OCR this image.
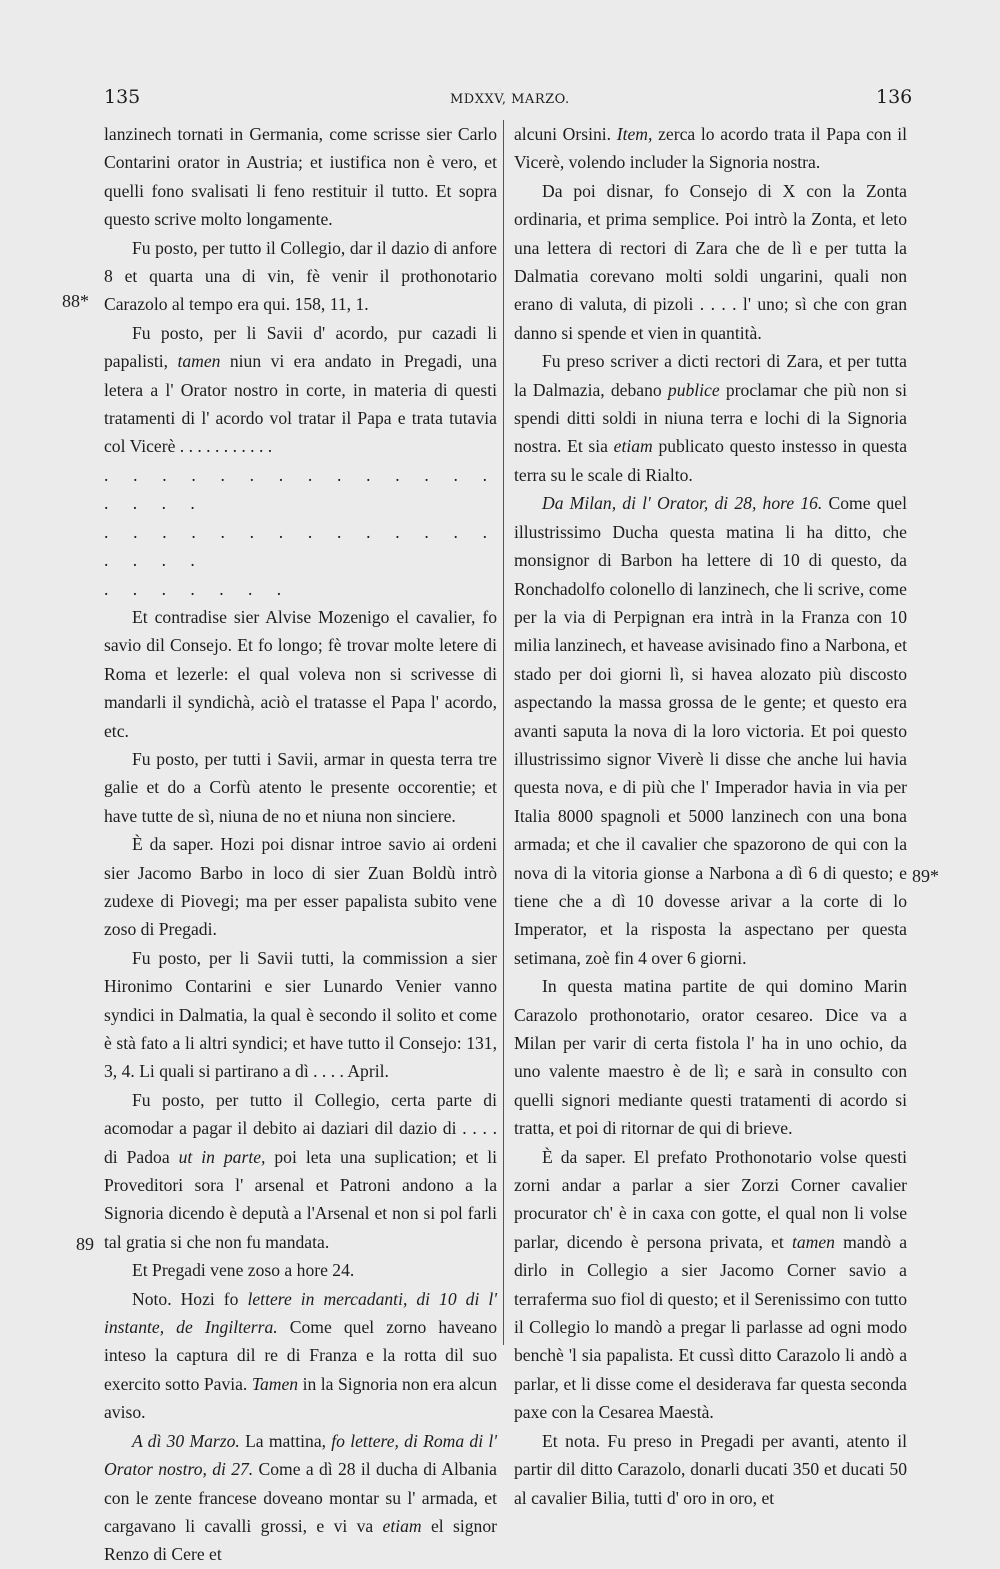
135	MDXXV, MARZO.	136

lanzinech tornati in Germania, come scrisse sier Carlo Contarini orator in Austria; et iustifica non è vero, et quelli fono svalisati li feno restituir il tutto. Et sopra questo scrive molto longamente.

Fu posto, per tutto il Collegio, dar il dazio di anfore 8 et quarta una di vin, fè venir il prothonotario Carazolo al tempo era qui. 158, 11, 1.

Fu posto, per li Savii d' acordo, pur cazadi li papalisti, tamen niun vi era andato in Pregadi, una letera a l' Orator nostro in corte, in materia di questi tratamenti di l' acordo vol tratar il Papa e trata tutavia col Vicerè . . . . . . . . . . .

. . . . . . . . . . . . . . . . . .

. . . . . . . . . . . . . . . . . .

. . . . . . .

Et contradise sier Alvise Mozenigo el cavalier, fo savio dil Consejo. Et fo longo; fè trovar molte letere di Roma et lezerle: el qual voleva non si scrivesse di mandarli il syndichà, aciò el tratasse el Papa l' acordo, etc.

Fu posto, per tutti i Savii, armar in questa terra tre galie et do a Corfù atento le presente occorentie; et have tutte de sì, niuna de no et niuna non sinciere.

È da saper. Hozi poi disnar introe savio ai ordeni sier Jacomo Barbo in loco di sier Zuan Boldù intrò zudexe di Piovegi; ma per esser papalista subito vene zoso di Pregadi.

Fu posto, per li Savii tutti, la commission a sier Hironimo Contarini e sier Lunardo Venier vanno syndici in Dalmatia, la qual è secondo il solito et come è stà fato a li altri syndici; et have tutto il Consejo: 131, 3, 4. Li quali si partirano a dì . . . . April.

Fu posto, per tutto il Collegio, certa parte di acomodar a pagar il debito ai daziari dil dazio di . . . . di Padoa ut in parte, poi leta una suplication; et li Proveditori sora l' arsenal et Patroni andono a la Signoria dicendo è deputà a l'Arsenal et non si pol farli tal gratia si che non fu mandata.

Et Pregadi vene zoso a hore 24.

Noto. Hozi fo lettere in mercadanti, di 10 di l' instante, de Ingilterra. Come quel zorno haveano inteso la captura dil re di Franza e la rotta dil suo exercito sotto Pavia. Tamen in la Signoria non era alcun aviso.

A dì 30 Marzo. La mattina, fo lettere, di Roma di l' Orator nostro, di 27. Come a dì 28 il ducha di Albania con le zente francese doveano montar su l' armada, et cargavano li cavalli grossi, e vi va etiam el signor Renzo di Cere et

alcuni Orsini. Item, zerca lo acordo trata il Papa con il Vicerè, volendo includer la Signoria nostra.

Da poi disnar, fo Consejo di X con la Zonta ordinaria, et prima semplice. Poi intrò la Zonta, et leto una lettera di rectori di Zara che de lì e per tutta la Dalmatia corevano molti soldi ungarini, quali non erano di valuta, di pizoli . . . . l' uno; sì che con gran danno si spende et vien in quantità.

Fu preso scriver a dicti rectori di Zara, et per tutta la Dalmazia, debano publice proclamar che più non si spendi ditti soldi in niuna terra e lochi di la Signoria nostra. Et sia etiam publicato questo instesso in questa terra su le scale di Rialto.

Da Milan, di l' Orator, di 28, hore 16. Come quel illustrissimo Ducha questa matina li ha ditto, che monsignor di Barbon ha lettere di 10 di questo, da Ronchadolfo colonello di lanzinech, che li scrive, come per la via di Perpignan era intrà in la Franza con 10 milia lanzinech, et havease avisinado fino a Narbona, et stado per doi giorni lì, si havea alozato più discosto aspectando la massa grossa de le gente; et questo era avanti saputa la nova di la loro victoria. Et poi questo illustrissimo signor Viverè li disse che anche lui havia questa nova, e di più che l' Imperador havia in via per Italia 8000 spagnoli et 5000 lanzinech con una bona armada; et che il cavalier che spazorono de qui con la nova di la vitoria gionse a Narbona a dì 6 di questo; e tiene che a dì 10 dovesse arivar a la corte di lo Imperator, et la risposta la aspectano per questa setimana, zoè fin 4 over 6 giorni.

In questa matina partite de qui domino Marin Carazolo prothonotario, orator cesareo. Dice va a Milan per varir di certa fistola l' ha in uno ochio, da uno valente maestro è de lì; e sarà in consulto con quelli signori mediante questi tratamenti di acordo si tratta, et poi di ritornar de qui di brieve.

È da saper. El prefato Prothonotario volse questi zorni andar a parlar a sier Zorzi Corner cavalier procurator ch' è in caxa con gotte, el qual non li volse parlar, dicendo è persona privata, et tamen mandò a dirlo in Collegio a sier Jacomo Corner savio a terraferma suo fiol di questo; et il Serenissimo con tutto il Collegio lo mandò a pregar li parlasse ad ogni modo benchè 'l sia papalista. Et cussì ditto Carazolo li andò a parlar, et li disse come el desiderava far questa seconda paxe con la Cesarea Maestà.

Et nota. Fu preso in Pregadi per avanti, atento il partir dil ditto Carazolo, donarli ducati 350 et ducati 50 al cavalier Bilia, tutti d' oro in oro, et

88*
89
89*
